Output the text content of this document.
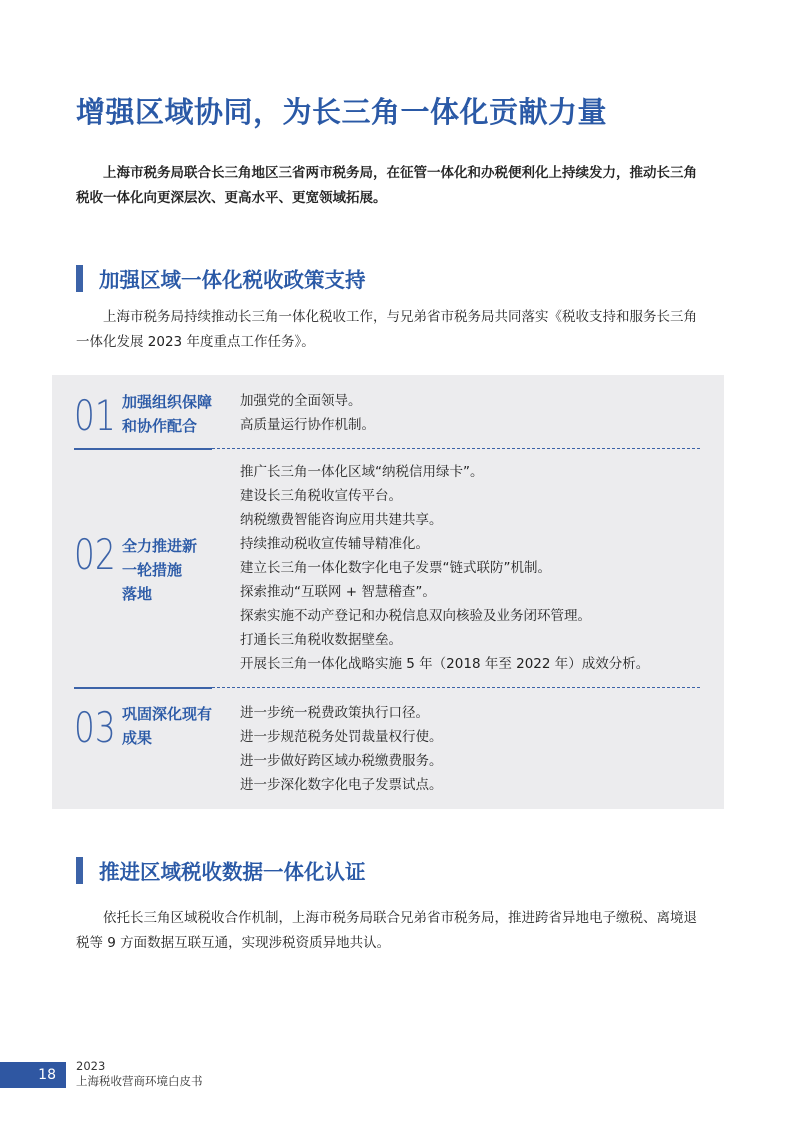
增强区域协同，为长三角一体化贡献力量

上海市税务局联合长三角地区三省两市税务局，在征管一体化和办税便利化上持续发力，推动长三角税收一体化向更深层次、更高水平、更宽领域拓展。

加强区域一体化税收政策支持

上海市税务局持续推动长三角一体化税收工作，与兄弟省市税务局共同落实《税收支持和服务长三角一体化发展 2023 年度重点工作任务》。

01 加强组织保障
和协作配合
加强党的全面领导。
高质量运行协作机制。
02 全力推进新
一轮措施
落地
推广长三角一体化区域“纳税信用绿卡”。
建设长三角税收宣传平台。
纳税缴费智能咨询应用共建共享。
持续推动税收宣传辅导精准化。
建立长三角一体化数字化电子发票“链式联防”机制。
探索推动“互联网 + 智慧稽查”。
探索实施不动产登记和办税信息双向核验及业务闭环管理。
打通长三角税收数据壁垒。
开展长三角一体化战略实施 5 年（2018 年至 2022 年）成效分析。
03 巩固深化现有
成果
进一步统一税费政策执行口径。
进一步规范税务处罚裁量权行使。
进一步做好跨区域办税缴费服务。
进一步深化数字化电子发票试点。
推进区域税收数据一体化认证

依托长三角区域税收合作机制，上海市税务局联合兄弟省市税务局，推进跨省异地电子缴税、离境退税等 9 方面数据互联互通，实现涉税资质异地共认。

18
2023
上海税收营商环境白皮书
